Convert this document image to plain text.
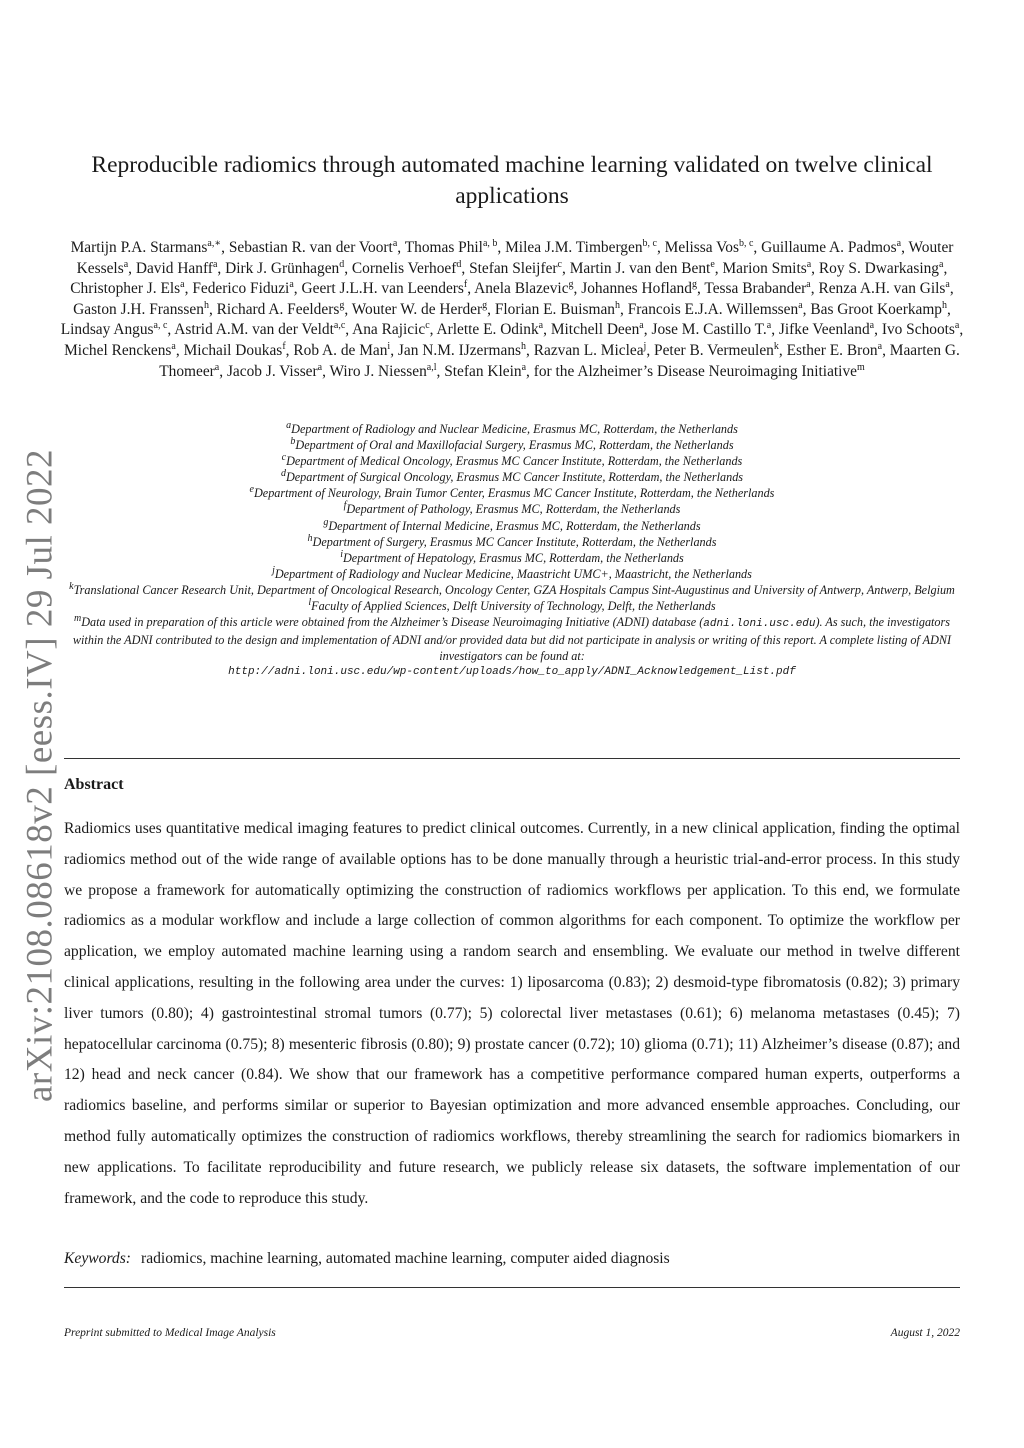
arXiv:2108.08618v2 [eess.IV] 29 Jul 2022
Reproducible radiomics through automated machine learning validated on twelve clinical applications
Martijn P.A. Starmans$^{a,∗}$, Sebastian R. van der Voort$^a$, Thomas Phil$^{a, b}$, Milea J.M. Timbergen$^{b, c}$, Melissa Vos$^{b, c}$, Guillaume A. Padmos$^a$, Wouter Kessels$^a$, David Hanff$^a$, Dirk J. Grünhagen$^d$, Cornelis Verhoef$^d$, Stefan Sleijfer$^c$, Martin J. van den Bent$^e$, Marion Smits$^a$, Roy S. Dwarkasing$^a$, Christopher J. Els$^a$, Federico Fiduzi$^a$, Geert J.L.H. van Leenders$^f$, Anela Blazevic$^g$, Johannes Hofland$^g$, Tessa Brabander$^a$, Renza A.H. van Gils$^a$, Gaston J.H. Franssen$^h$, Richard A. Feelders$^g$, Wouter W. de Herder$^g$, Florian E. Buisman$^h$, Francois E.J.A. Willemssen$^a$, Bas Groot Koerkamp$^h$, Lindsay Angus$^{a, c}$, Astrid A.M. van der Veldt$^{a,c}$, Ana Rajicic$^c$, Arlette E. Odink$^a$, Mitchell Deen$^a$, Jose M. Castillo T.$^a$, Jifke Veenland$^a$, Ivo Schoots$^a$, Michel Renckens$^a$, Michail Doukas$^f$, Rob A. de Man$^i$, Jan N.M. IJzermans$^h$, Razvan L. Miclea$^j$, Peter B. Vermeulen$^k$, Esther E. Bron$^a$, Maarten G. Thomeer$^a$, Jacob J. Visser$^a$, Wiro J. Niessen$^{a,l}$, Stefan Klein$^a$, for the Alzheimer’s Disease Neuroimaging Initiative$^m$
$^a$Department of Radiology and Nuclear Medicine, Erasmus MC, Rotterdam, the Netherlands
$^b$Department of Oral and Maxillofacial Surgery, Erasmus MC, Rotterdam, the Netherlands
$^c$Department of Medical Oncology, Erasmus MC Cancer Institute, Rotterdam, the Netherlands
$^d$Department of Surgical Oncology, Erasmus MC Cancer Institute, Rotterdam, the Netherlands
$^e$Department of Neurology, Brain Tumor Center, Erasmus MC Cancer Institute, Rotterdam, the Netherlands
$^f$Department of Pathology, Erasmus MC, Rotterdam, the Netherlands
$^g$Department of Internal Medicine, Erasmus MC, Rotterdam, the Netherlands
$^h$Department of Surgery, Erasmus MC Cancer Institute, Rotterdam, the Netherlands
$^i$Department of Hepatology, Erasmus MC, Rotterdam, the Netherlands
$^j$Department of Radiology and Nuclear Medicine, Maastricht UMC+, Maastricht, the Netherlands
$^k$Translational Cancer Research Unit, Department of Oncological Research, Oncology Center, GZA Hospitals Campus Sint-Augustinus and University of Antwerp, Antwerp, Belgium
$^l$Faculty of Applied Sciences, Delft University of Technology, Delft, the Netherlands
$^m$Data used in preparation of this article were obtained from the Alzheimer’s Disease Neuroimaging Initiative (ADNI) database (adni.loni.usc.edu). As such, the investigators within the ADNI contributed to the design and implementation of ADNI and/or provided data but did not participate in analysis or writing of this report. A complete listing of ADNI investigators can be found at:
http://adni.loni.usc.edu/wp-content/uploads/how_to_apply/ADNI_Acknowledgement_List.pdf
Abstract
Radiomics uses quantitative medical imaging features to predict clinical outcomes. Currently, in a new clinical application, finding the optimal radiomics method out of the wide range of available options has to be done manually through a heuristic trial-and-error process. In this study we propose a framework for automatically optimizing the construction of radiomics workflows per application. To this end, we formulate radiomics as a modular workflow and include a large collection of common algorithms for each component. To optimize the workflow per application, we employ automated machine learning using a random search and ensembling. We evaluate our method in twelve different clinical applications, resulting in the following area under the curves: 1) liposarcoma (0.83); 2) desmoid-type fibromatosis (0.82); 3) primary liver tumors (0.80); 4) gastrointestinal stromal tumors (0.77); 5) colorectal liver metastases (0.61); 6) melanoma metastases (0.45); 7) hepatocellular carcinoma (0.75); 8) mesenteric fibrosis (0.80); 9) prostate cancer (0.72); 10) glioma (0.71); 11) Alzheimer’s disease (0.87); and 12) head and neck cancer (0.84). We show that our framework has a competitive performance compared human experts, outperforms a radiomics baseline, and performs similar or superior to Bayesian optimization and more advanced ensemble approaches. Concluding, our method fully automatically optimizes the construction of radiomics workflows, thereby streamlining the search for radiomics biomarkers in new applications. To facilitate reproducibility and future research, we publicly release six datasets, the software implementation of our framework, and the code to reproduce this study.
Keywords: radiomics, machine learning, automated machine learning, computer aided diagnosis
Preprint submitted to Medical Image Analysis	August 1, 2022
